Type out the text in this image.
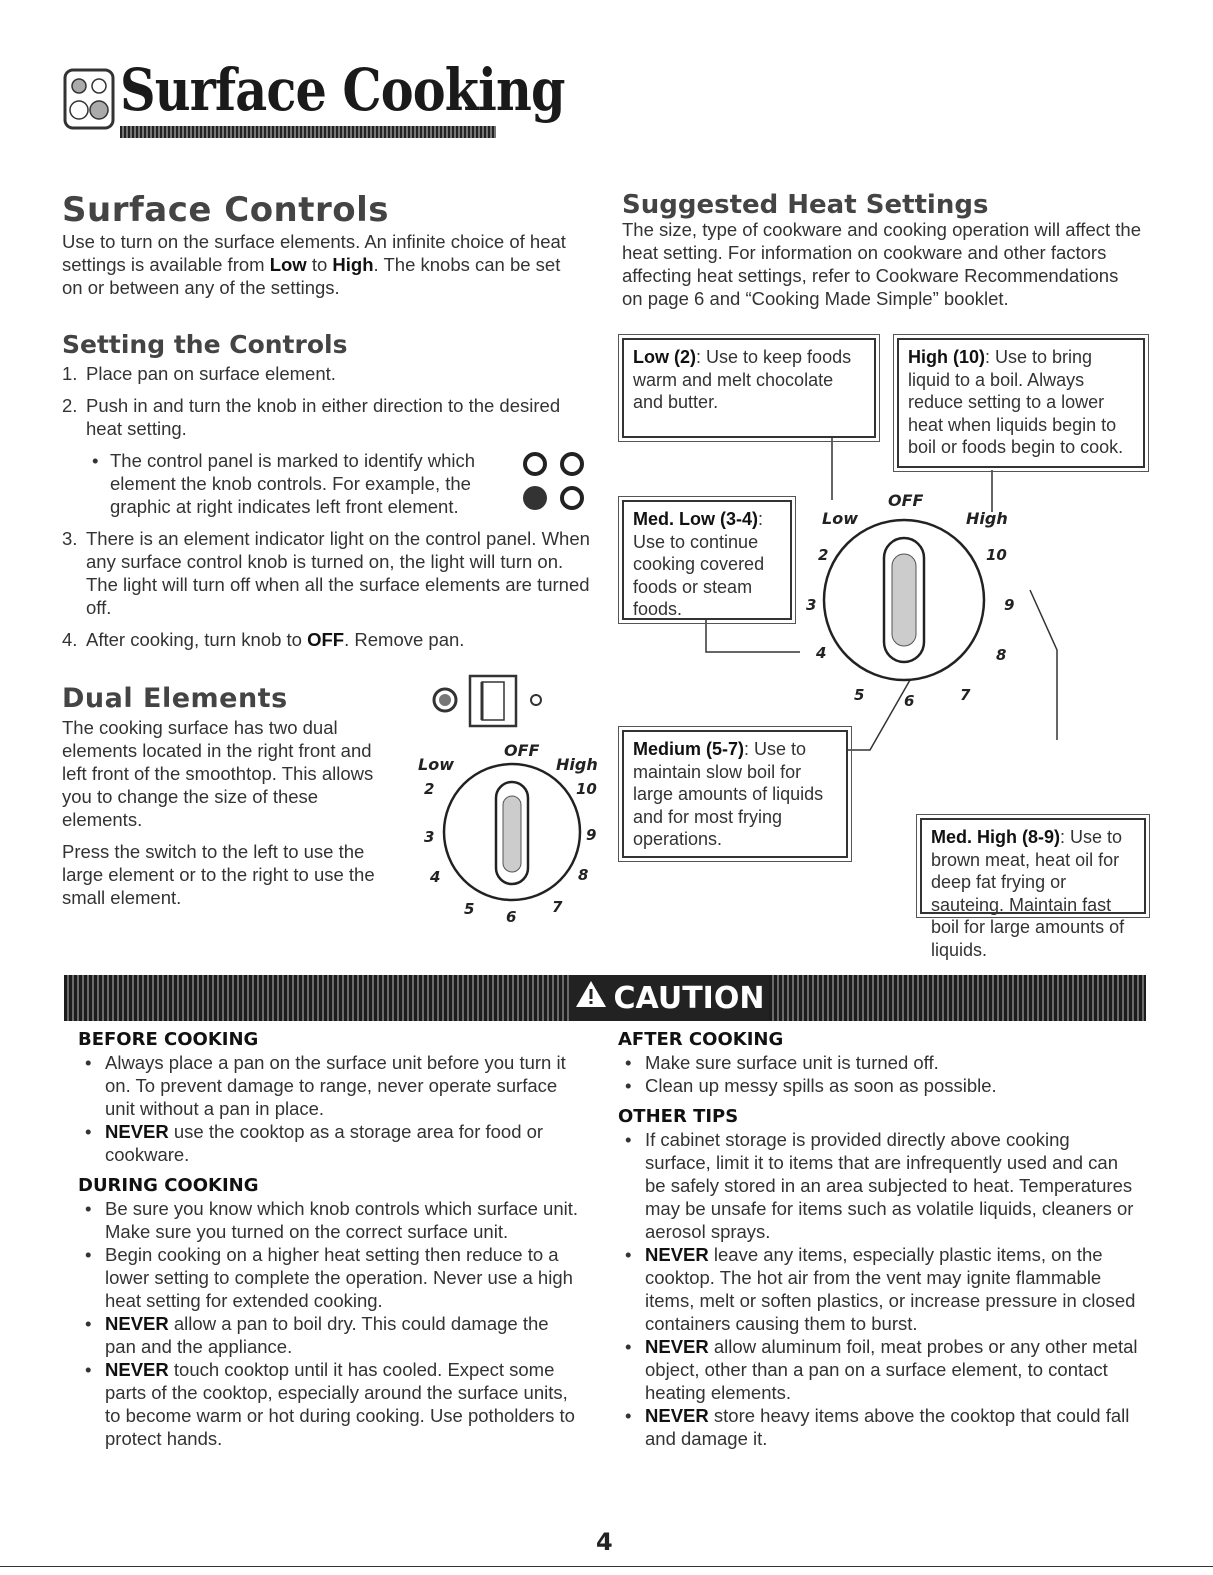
Surface Cooking
Surface Controls
Use to turn on the surface elements. An infinite choice of heat settings is available from Low to High. The knobs can be set on or between any of the settings.
Setting the Controls
1. Place pan on surface element.
2. Push in and turn the knob in either direction to the desired heat setting.
• The control panel is marked to identify which element the knob controls. For example, the graphic at right indicates left front element.
3. There is an element indicator light on the control panel. When any surface control knob is turned on, the light will turn on. The light will turn off when all the surface elements are turned off.
4. After cooking, turn knob to OFF. Remove pan.
Dual Elements
The cooking surface has two dual elements located in the right front and left front of the smoothtop. This allows you to change the size of these elements.
Press the switch to the left to use the large element or to the right to use the small element.
OFF
Low	High
2
3
4
5 6
7
8
9
10
Suggested Heat Settings
The size, type of cookware and cooking operation will affect the heat setting. For information on cookware and other factors affecting heat settings, refer to Cookware Recommendations on page 6 and “Cooking Made Simple” booklet.
OFF
Low	High
2
3
4
5	6	7
8
9
10
Low (2): Use to keep foods warm and melt chocolate and butter.
High (10): Use to bring liquid to a boil. Always reduce setting to a lower heat when liquids begin to boil or foods begin to cook.
Med. Low (3-4): Use to continue cooking covered foods or steam foods.
Medium (5-7): Use to maintain slow boil for large amounts of liquids and for most frying operations.	Med. High (8-9): Use to brown meat, heat oil for deep fat frying or sauteing. Maintain fast boil for large amounts of liquids.
CAUTION
BEFORE COOKING
• Always place a pan on the surface unit before you turn it on. To prevent damage to range, never operate surface unit without a pan in place.
• NEVER use the cooktop as a storage area for food or cookware.
DURING COOKING
• Be sure you know which knob controls which surface unit. Make sure you turned on the correct surface unit.
• Begin cooking on a higher heat setting then reduce to a lower setting to complete the operation. Never use a high heat setting for extended cooking.
• NEVER allow a pan to boil dry. This could damage the pan and the appliance.
• NEVER touch cooktop until it has cooled. Expect some parts of the cooktop, especially around the surface units, to become warm or hot during cooking. Use potholders to protect hands.
AFTER COOKING
• Make sure surface unit is turned off.
• Clean up messy spills as soon as possible.
OTHER TIPS
• If cabinet storage is provided directly above cooking surface, limit it to items that are infrequently used and can be safely stored in an area subjected to heat. Temperatures may be unsafe for items such as volatile liquids, cleaners or aerosol sprays.
• NEVER leave any items, especially plastic items, on the cooktop. The hot air from the vent may ignite flammable items, melt or soften plastics, or increase pressure in closed containers causing them to burst.
• NEVER allow aluminum foil, meat probes or any other metal object, other than a pan on a surface element, to contact heating elements.
• NEVER store heavy items above the cooktop that could fall and damage it.
4
